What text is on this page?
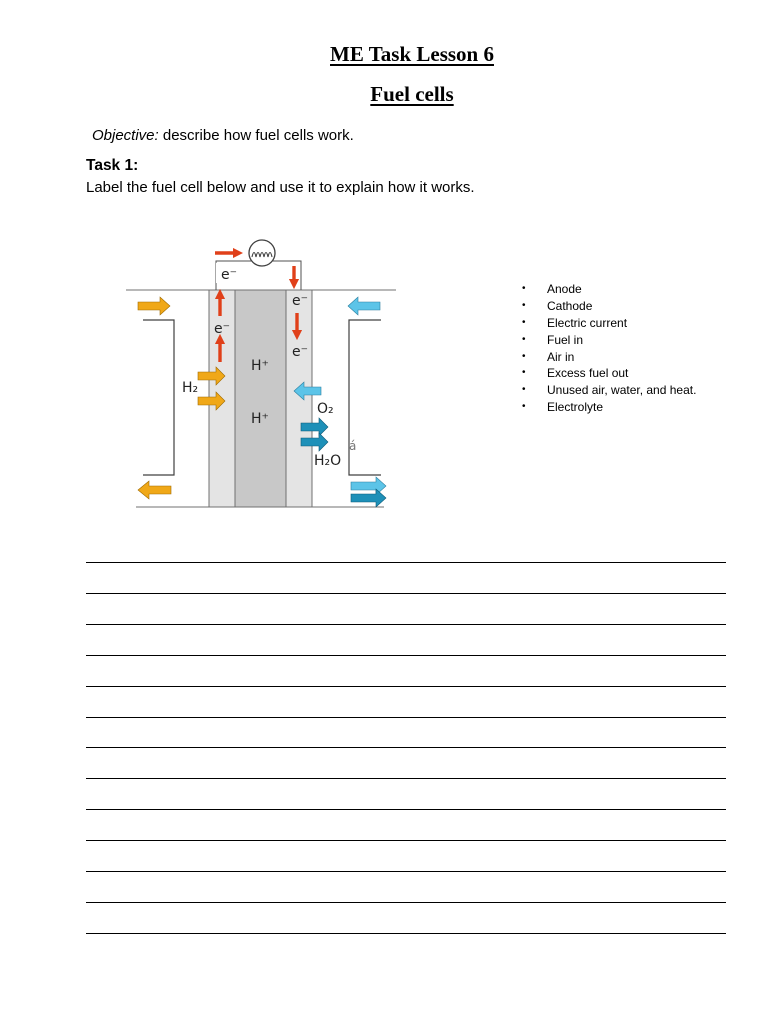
ME Task Lesson 6
Fuel cells

Objective: describe how fuel cells work.

Task 1:

Label the fuel cell below and use it to explain how it works.

e⁻
e⁻
e⁻
e⁻
H⁺
H⁺
H₂
O₂
H₂O
á
• Anode
• Cathode
• Electric current
• Fuel in
• Air in
• Excess fuel out
• Unused air, water, and heat.
• Electrolyte
